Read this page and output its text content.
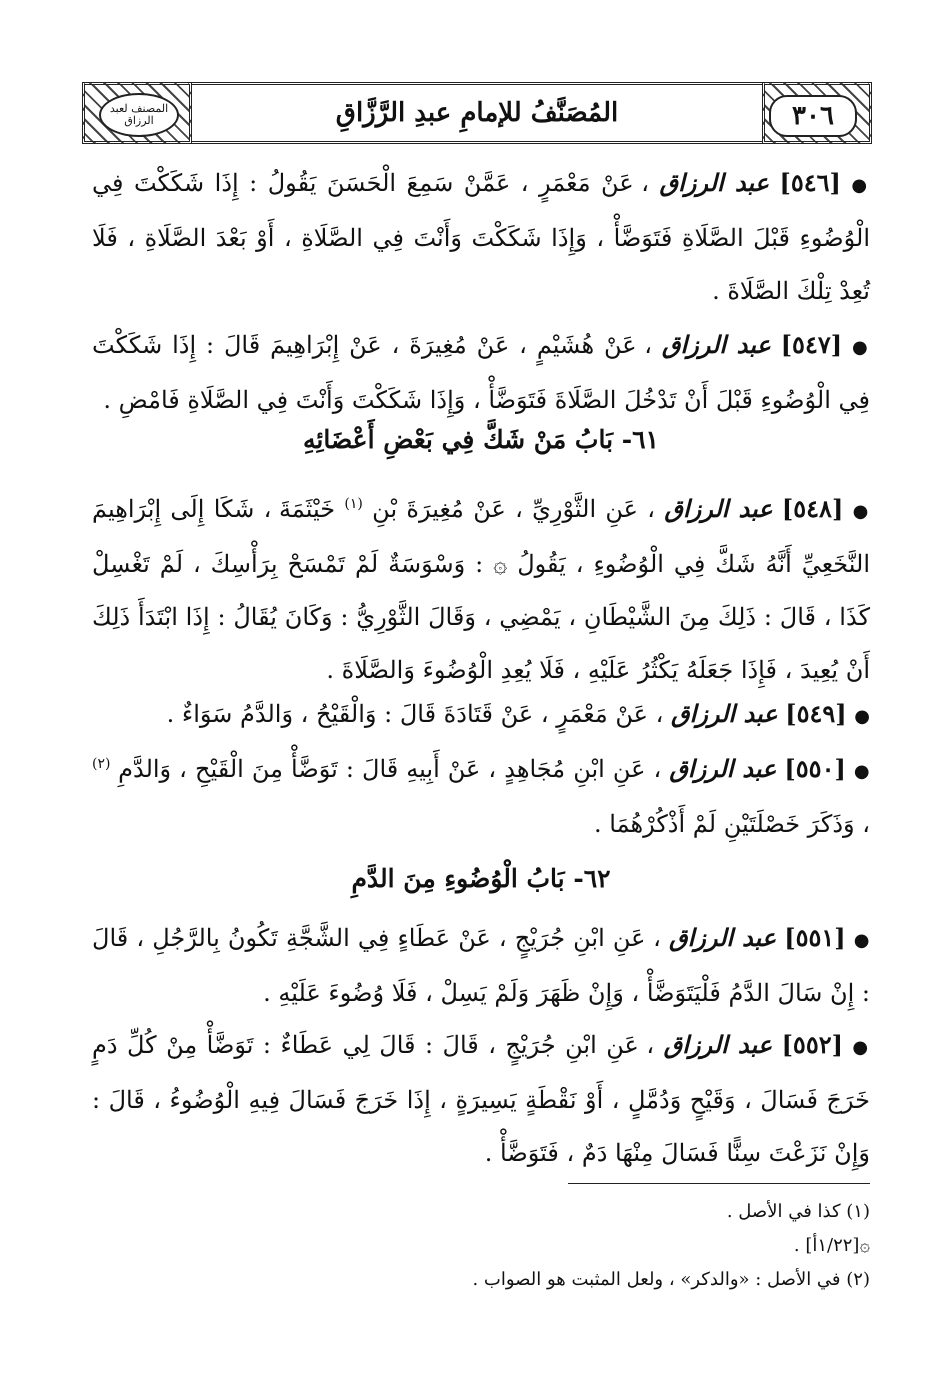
المصنف لعبد الرزاق	المُصَنَّفُ للإمامِ عبدِ الرَّزَّاقِ	٣٠٦

● [٥٤٦] عبد الرزاق ، عَنْ مَعْمَرٍ ، عَمَّنْ سَمِعَ الْحَسَنَ يَقُولُ : إِذَا شَكَكْتَ فِي الْوُضُوءِ قَبْلَ الصَّلَاةِ فَتَوَضَّأْ ، وَإِذَا شَكَكْتَ وَأَنْتَ فِي الصَّلَاةِ ، أَوْ بَعْدَ الصَّلَاةِ ، فَلَا تُعِدْ تِلْكَ الصَّلَاةَ .

● [٥٤٧] عبد الرزاق ، عَنْ هُشَيْمٍ ، عَنْ مُغِيرَةَ ، عَنْ إِبْرَاهِيمَ قَالَ : إِذَا شَكَكْتَ فِي الْوُضُوءِ قَبْلَ أَنْ تَدْخُلَ الصَّلَاةَ فَتَوَضَّأْ ، وَإِذَا شَكَكْتَ وَأَنْتَ فِي الصَّلَاةِ فَامْضِ .

٦١- بَابُ مَنْ شَكَّ فِي بَعْضِ أَعْضَائِهِ

● [٥٤٨] عبد الرزاق ، عَنِ الثَّوْرِيِّ ، عَنْ مُغِيرَةَ بْنِ $^{(١)}$ خَيْثَمَةَ ، شَكَا إِلَى إِبْرَاهِيمَ النَّخَعِيِّ أَنَّهُ شَكَّ فِي الْوُضُوءِ ، يَقُولُ ۞ : وَسْوَسَةٌ لَمْ تَمْسَحْ بِرَأْسِكَ ، لَمْ تَغْسِلْ كَذَا ، قَالَ : ذَلِكَ مِنَ الشَّيْطَانِ ، يَمْضِي ، وَقَالَ الثَّوْرِيُّ : وَكَانَ يُقَالُ : إِذَا ابْتَدَأَ ذَلِكَ أَنْ يُعِيدَ ، فَإِذَا جَعَلَهُ يَكْثُرُ عَلَيْهِ ، فَلَا يُعِدِ الْوُضُوءَ وَالصَّلَاةَ .

● [٥٤٩] عبد الرزاق ، عَنْ مَعْمَرٍ ، عَنْ قَتَادَةَ قَالَ : وَالْقَيْحُ ، وَالدَّمُ سَوَاءٌ .

● [٥٥٠] عبد الرزاق ، عَنِ ابْنِ مُجَاهِدٍ ، عَنْ أَبِيهِ قَالَ : تَوَضَّأْ مِنَ الْقَيْحِ ، وَالدَّمِ $^{(٢)}$ ، وَذَكَرَ خَصْلَتَيْنِ لَمْ أَذْكُرْهُمَا .

٦٢- بَابُ الْوُضُوءِ مِنَ الدَّمِ

● [٥٥١] عبد الرزاق ، عَنِ ابْنِ جُرَيْجٍ ، عَنْ عَطَاءٍ فِي الشَّجَّةِ تَكُونُ بِالرَّجُلِ ، قَالَ : إِنْ سَالَ الدَّمُ فَلْيَتَوَضَّأْ ، وَإِنْ ظَهَرَ وَلَمْ يَسِلْ ، فَلَا وُضُوءَ عَلَيْهِ .

● [٥٥٢] عبد الرزاق ، عَنِ ابْنِ جُرَيْجٍ ، قَالَ : قَالَ لِي عَطَاءٌ : تَوَضَّأْ مِنْ كُلِّ دَمٍ خَرَجَ فَسَالَ ، وَقَيْحٍ وَدُمَّلٍ ، أَوْ نَقْطَةٍ يَسِيرَةٍ ، إِذَا خَرَجَ فَسَالَ فِيهِ الْوُضُوءُ ، قَالَ : وَإِنْ نَزَعْتَ سِنًّا فَسَالَ مِنْهَا دَمٌ ، فَتَوَضَّأْ .

(١) كذا في الأصل .
۞[١/٢٢أ] .
(٢) في الأصل : «والدكر» ، ولعل المثبت هو الصواب .
